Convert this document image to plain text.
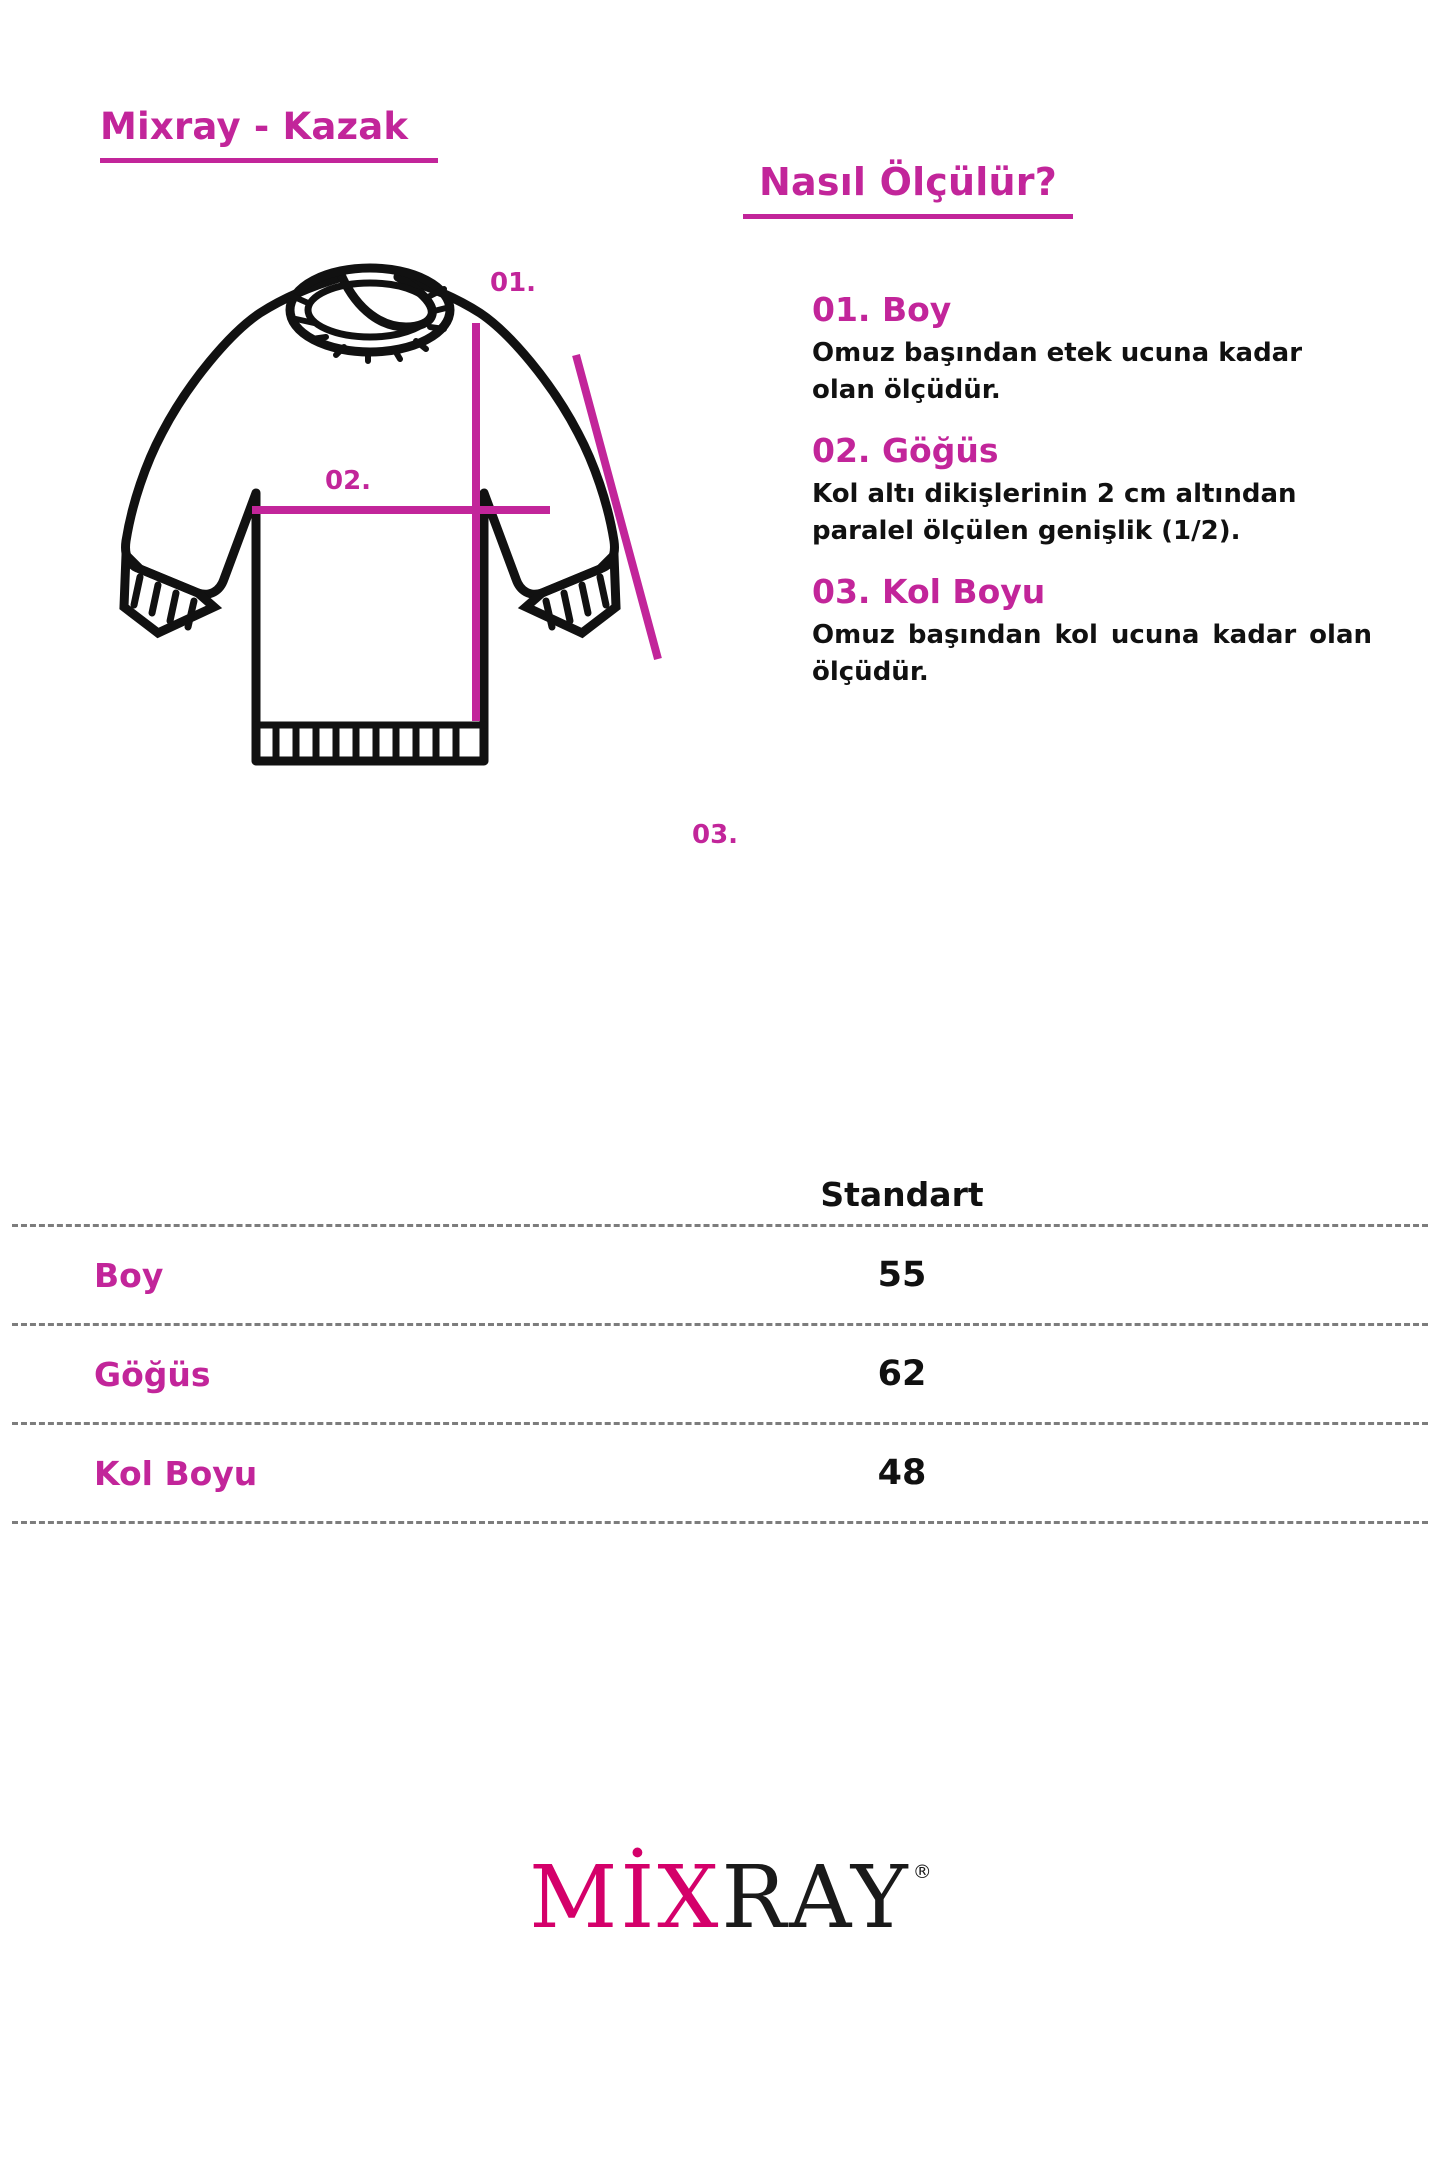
Mixray - Kazak
Nasıl Ölçülür?
01.
02.
03.
01. Boy
Omuz başından etek ucuna kadar olan ölçüdür.
02. Göğüs
Kol altı dikişlerinin 2 cm altından paralel ölçülen genişlik (1/2).
03. Kol Boyu
Omuz başından kol ucuna kadar olan ölçüdür.
Standart
Boy	55
Göğüs	62
Kol Boyu	48
MİXRAY ®
